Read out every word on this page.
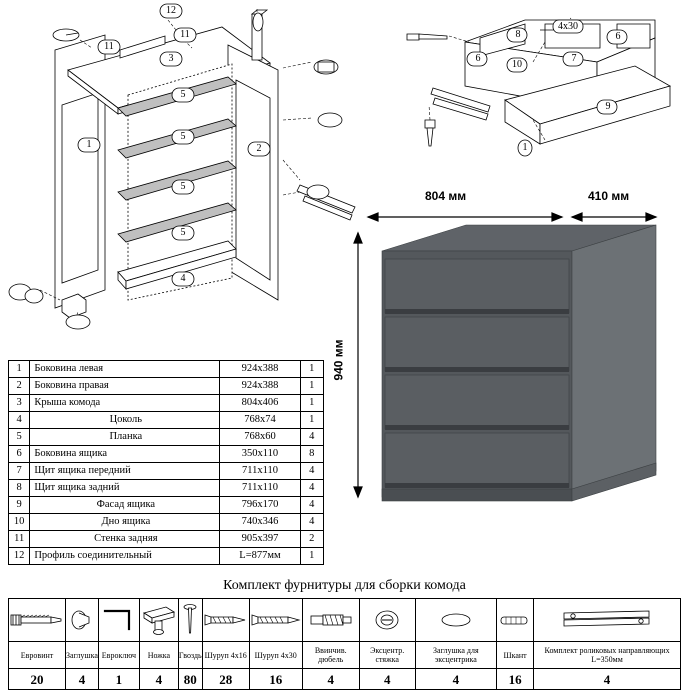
12
11
11
3
1	2
5
5
5
5
4
8
4x30
6
6
10
7
9
1
804 мм	410 мм
940 мм
1	Боковина левая	924х388	1
2	Боковина правая	924х388	1
3	Крыша комода	804х406	1
4	Цоколь	768х74	1
5	Планка	768х60	4
6	Боковина ящика	350х110	8
7	Щит ящика передний	711х110	4
8	Щит ящика задний	711х110	4
9	Фасад ящика	796х170	4
10	Дно ящика	740х346	4
11	Стенка задняя	905х397	2
12	Профиль соединительный	L=877мм	1
Комплект фурнитуры для сборки комода

Евровинт	Заглушка	Евроключ	Ножка	Гвоздь	Шуруп 4х16	Шуруп 4х30	Ввинчив. дюбель	Эксцентр. стяжка	Заглушка для эксцентрика	Шкант	Комплект роликовых направляющих L=350мм
20	4	1	4	80	28	16	4	4	4	16	4
